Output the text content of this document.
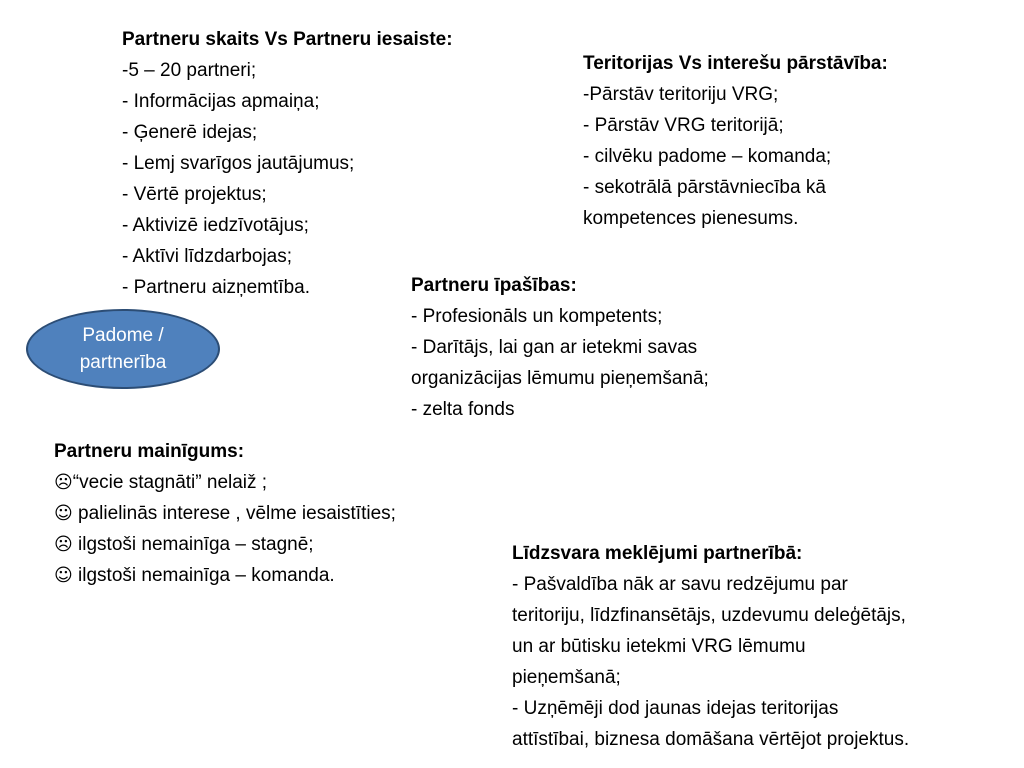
Partneru skaits Vs Partneru iesaiste:
-5 – 20 partneri;
- Informācijas apmaiņa;
- Ģenerē idejas;
- Lemj svarīgos jautājumus;
- Vērtē projektus;
- Aktivizē iedzīvotājus;
- Aktīvi līdzdarbojas;
- Partneru aizņemtība.
Teritorijas Vs interešu pārstāvība:
-Pārstāv teritoriju VRG;
- Pārstāv VRG teritorijā;
- cilvēku padome – komanda;
- sekotrālā pārstāvniecība kā
kompetences pienesums.
Padome /
partnerība
Partneru īpašības:
- Profesionāls un kompetents;
- Darītājs, lai gan ar ietekmi savas
organizācijas lēmumu pieņemšanā;
- zelta fonds
Partneru mainīgums:
☹“vecie stagnāti” nelaiž ;
☺ palielinās interese , vēlme iesaistīties;
☹ ilgstoši nemainīga – stagnē;
☺ ilgstoši nemainīga – komanda.
Līdzsvara meklējumi partnerībā:
- Pašvaldība nāk ar savu redzējumu par
teritoriju, līdzfinansētājs, uzdevumu deleģētājs,
un ar būtisku ietekmi VRG lēmumu
pieņemšanā;
- Uzņēmēji dod jaunas idejas teritorijas
attīstībai, biznesa domāšana vērtējot projektus.
